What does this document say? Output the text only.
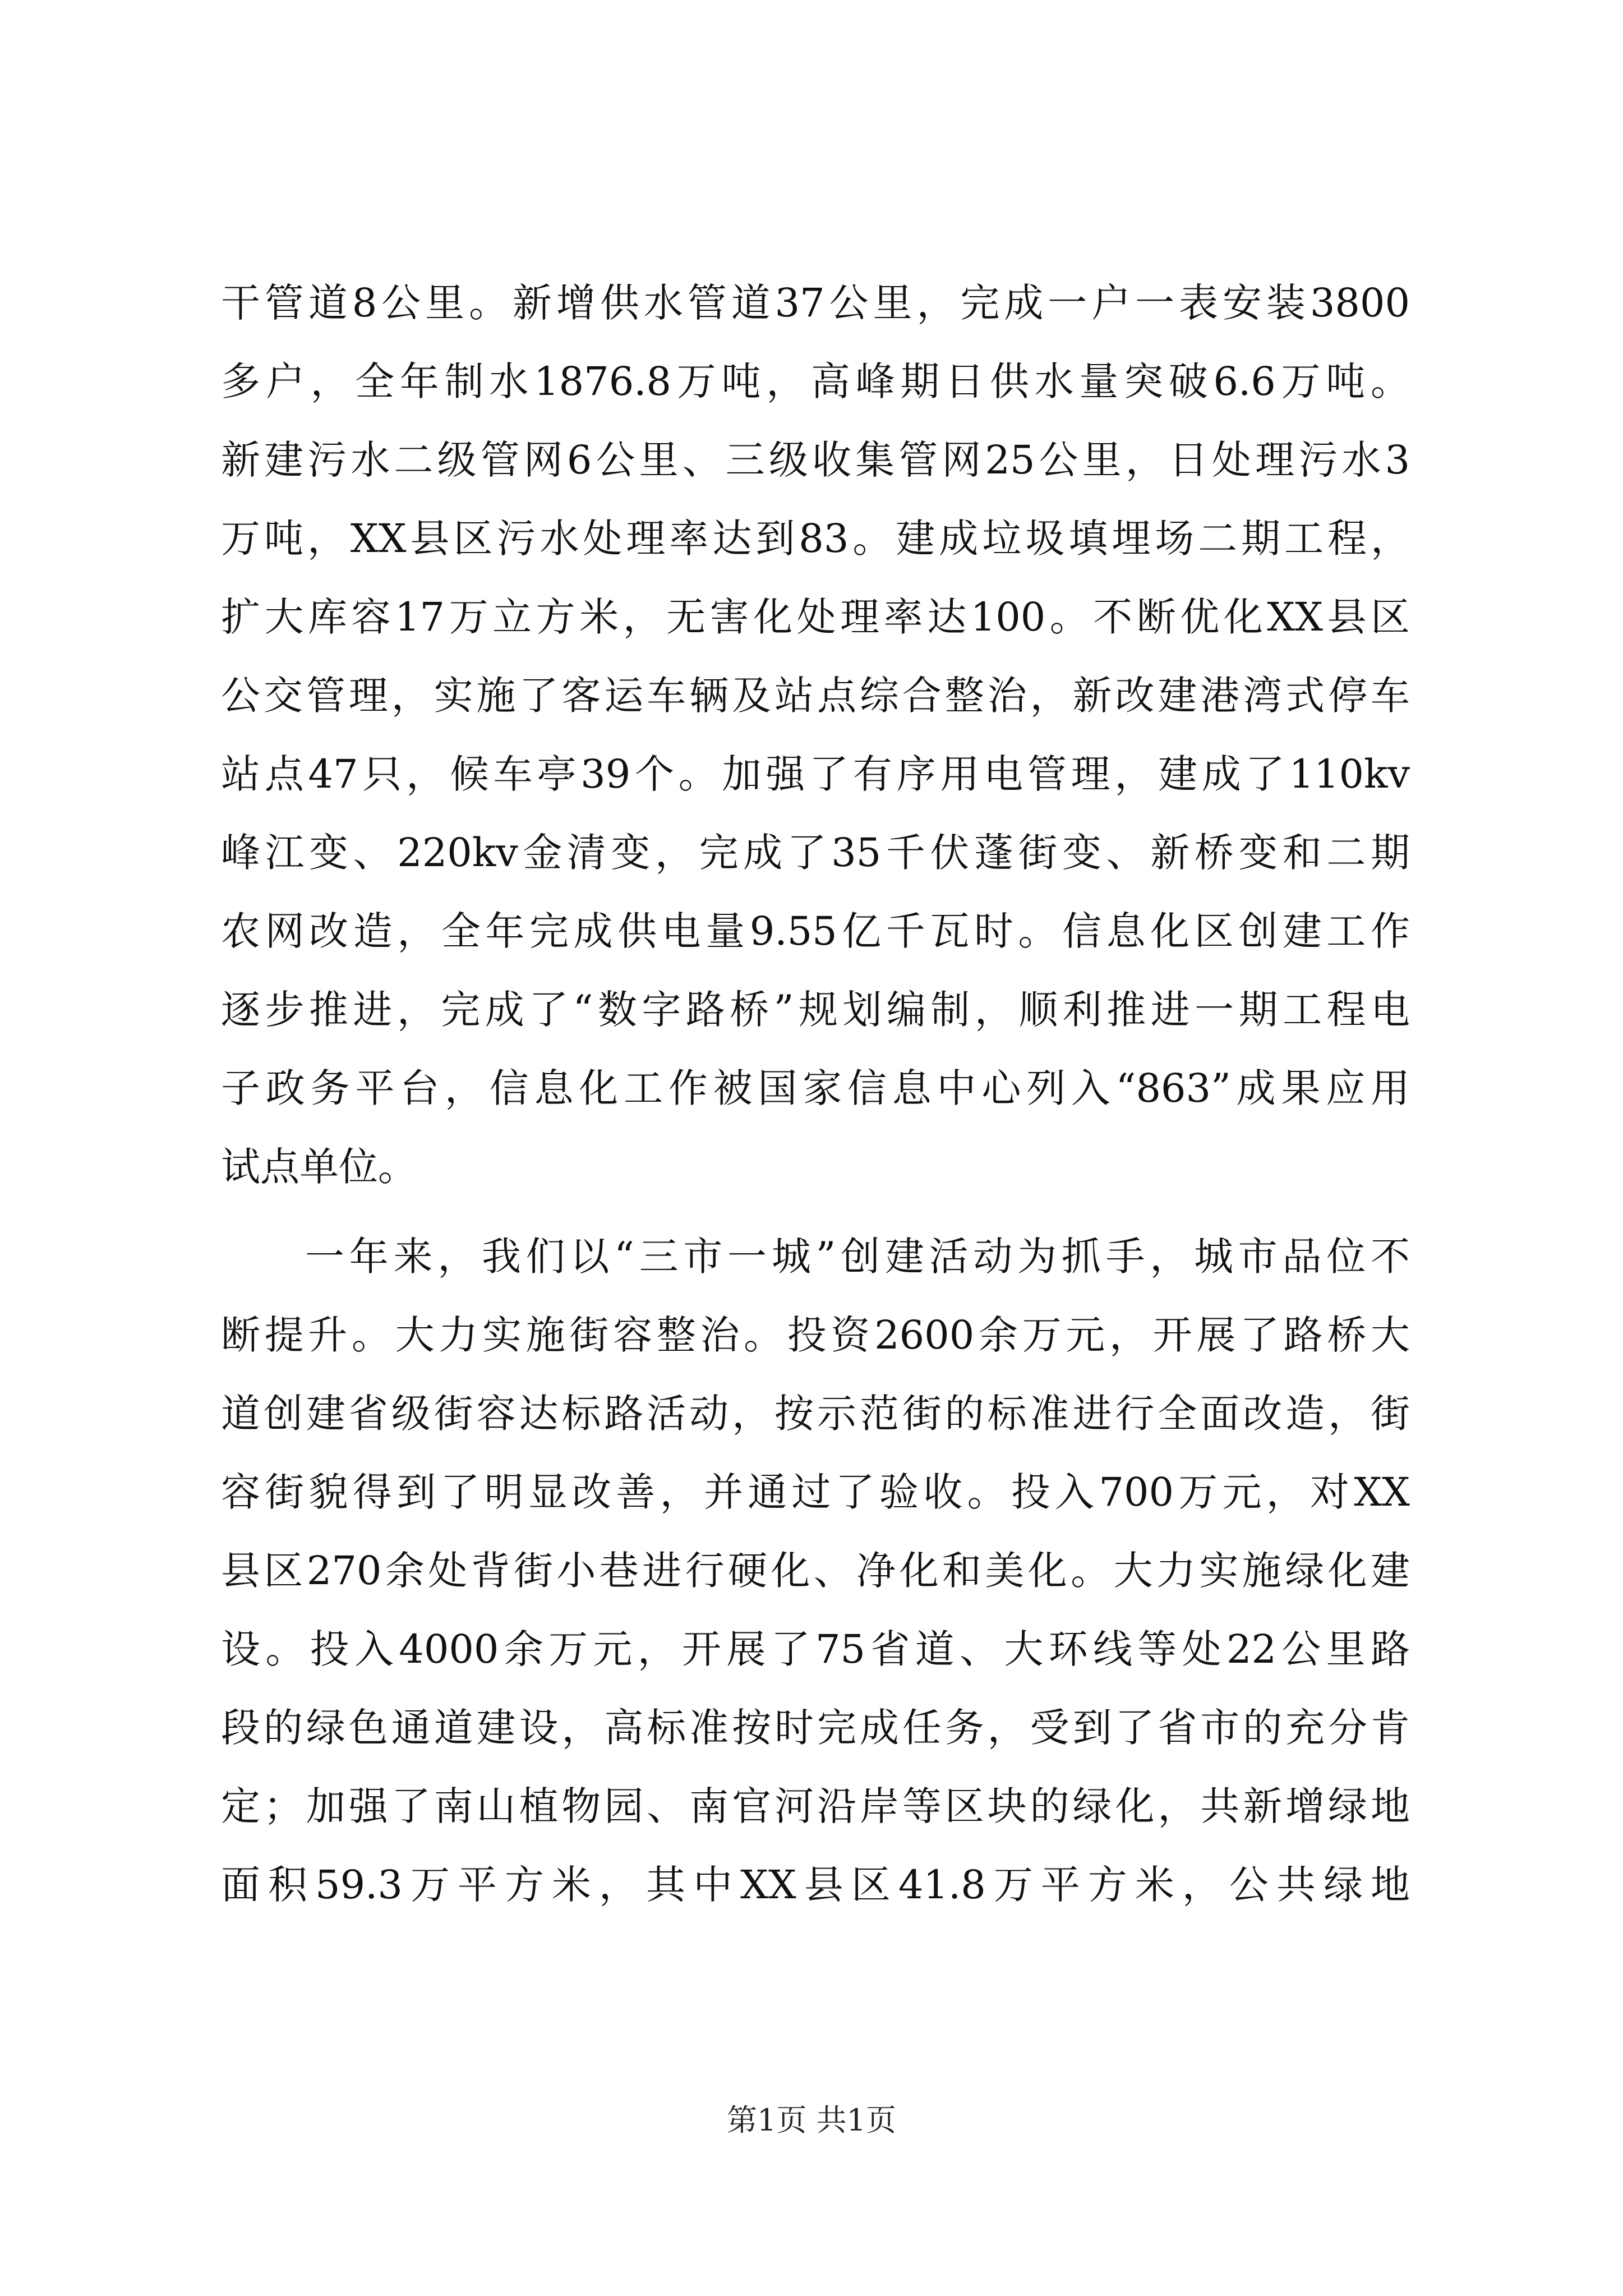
干管道8公里。新增供水管道37公里，完成一户一表安装3800
多户，全年制水1876.8万吨，高峰期日供水量突破6.6万吨。
新建污水二级管网6公里、三级收集管网25公里，日处理污水3
万吨，XX县区污水处理率达到83。建成垃圾填埋场二期工程，
扩大库容17万立方米，无害化处理率达100。不断优化XX县区
公交管理，实施了客运车辆及站点综合整治，新改建港湾式停车
站点47只，候车亭39个。加强了有序用电管理，建成了110kv
峰江变、220kv金清变，完成了35千伏蓬街变、新桥变和二期
农网改造，全年完成供电量9.55亿千瓦时。信息化区创建工作
逐步推进，完成了“数字路桥”规划编制，顺利推进一期工程电
子政务平台，信息化工作被国家信息中心列入“863”成果应用
试点单位。
一年来，我们以“三市一城”创建活动为抓手，城市品位不
断提升。大力实施街容整治。投资2600余万元，开展了路桥大
道创建省级街容达标路活动，按示范街的标准进行全面改造，街
容街貌得到了明显改善，并通过了验收。投入700万元，对XX
县区270余处背街小巷进行硬化、净化和美化。大力实施绿化建
设。投入4000余万元，开展了75省道、大环线等处22公里路
段的绿色通道建设，高标准按时完成任务，受到了省市的充分肯
定；加强了南山植物园、南官河沿岸等区块的绿化，共新增绿地
面积59.3万平方米，其中XX县区41.8万平方米，公共绿地
第1页 共1页
